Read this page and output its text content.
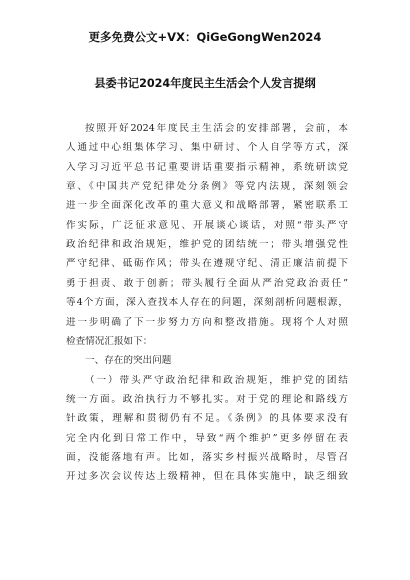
更多免费公文+VX：QiGeGongWen2024
县委书记2024年度民主生活会个人发言提纲
按照开好2024年度民主生活会的安排部署，会前，本
人通过中心组集体学习、集中研讨、个人自学等方式，深
入学习习近平总书记重要讲话重要指示精神，系统研读党
章、《中国共产党纪律处分条例》等党内法规，深刻领会
进一步全面深化改革的重大意义和战略部署，紧密联系工
作实际，广泛征求意见、开展谈心谈话，对照“带头严守
政治纪律和政治规矩，维护党的团结统一；带头增强党性
严守纪律、砥砺作风；带头在遵规守纪、清正廉洁前提下
勇于担责、敢于创新；带头履行全面从严治党政治责任”
等4个方面，深入查找本人存在的问题，深刻剖析问题根源，
进一步明确了下一步努力方向和整改措施。现将个人对照
检查情况汇报如下：
一、存在的突出问题
（一）带头严守政治纪律和政治规矩，维护党的团结
统一方面。政治执行力不够扎实。对于党的理论和路线方
针政策，理解和贯彻仍有不足。《条例》的具体要求没有
完全内化到日常工作中，导致“两个维护”更多停留在表
面，没能落地有声。比如，落实乡村振兴战略时，尽管召
开过多次会议传达上级精神，但在具体实施中，缺乏细致
